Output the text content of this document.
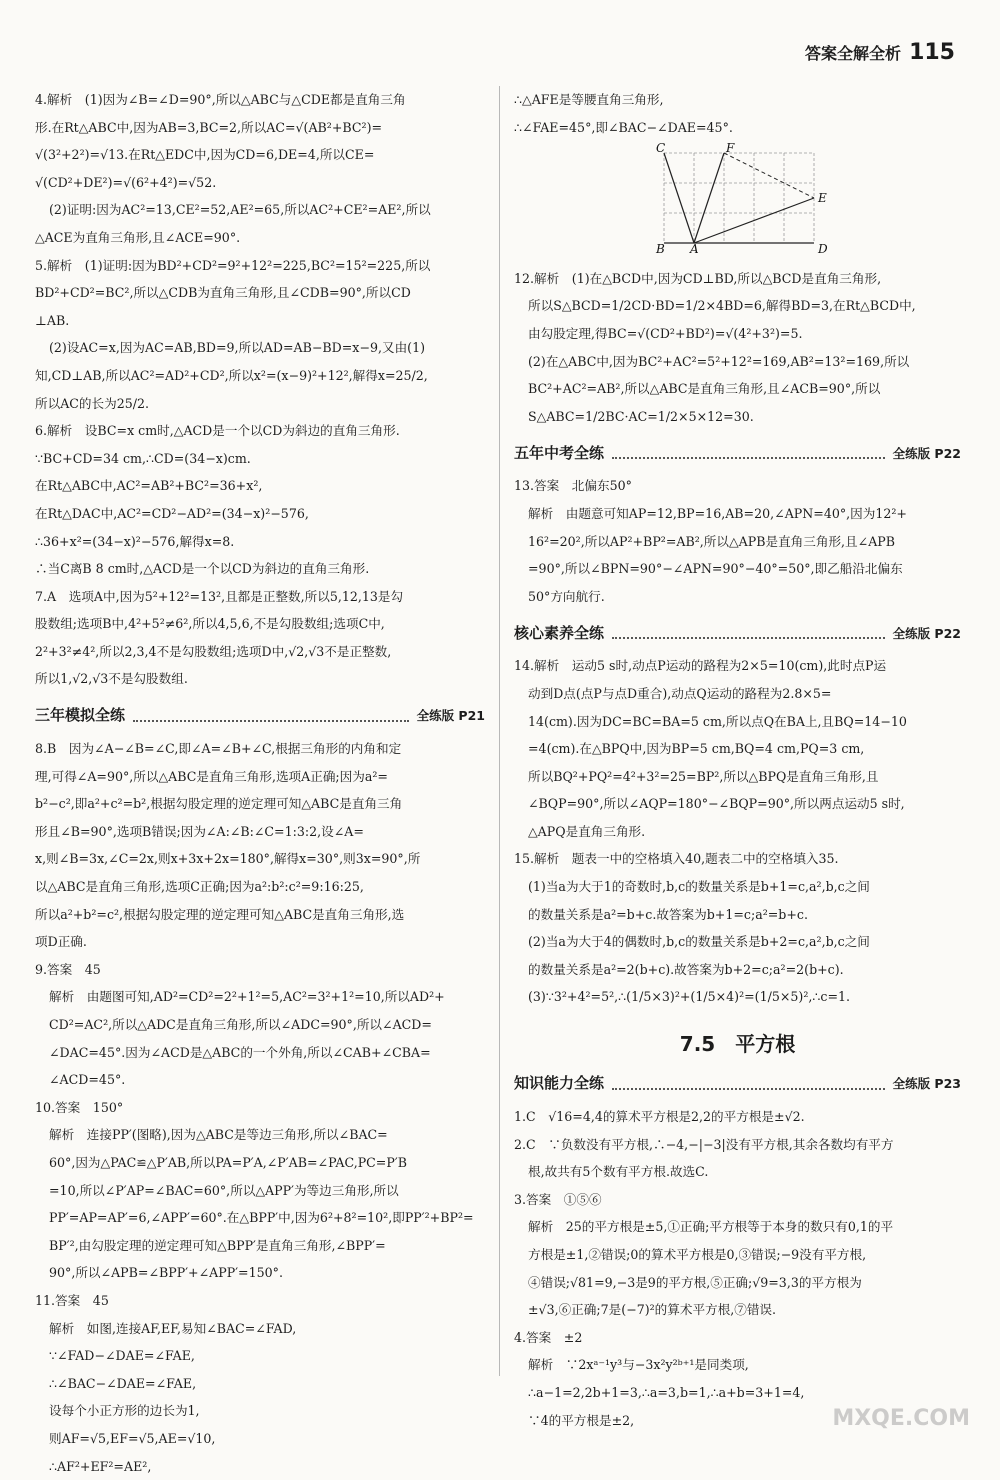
答案全解全析 115
4.解析　(1)因为∠B=∠D=90°,所以△ABC与△CDE都是直角三角
形.在Rt△ABC中,因为AB=3,BC=2,所以AC=√(AB²+BC²)=
√(3²+2²)=√13.在Rt△EDC中,因为CD=6,DE=4,所以CE=
√(CD²+DE²)=√(6²+4²)=√52.
(2)证明:因为AC²=13,CE²=52,AE²=65,所以AC²+CE²=AE²,所以
△ACE为直角三角形,且∠ACE=90°.
5.解析　(1)证明:因为BD²+CD²=9²+12²=225,BC²=15²=225,所以
BD²+CD²=BC²,所以△CDB为直角三角形,且∠CDB=90°,所以CD
⊥AB.
(2)设AC=x,因为AC=AB,BD=9,所以AD=AB−BD=x−9,又由(1)
知,CD⊥AB,所以AC²=AD²+CD²,所以x²=(x−9)²+12²,解得x=25/2,
所以AC的长为25/2.
6.解析　设BC=x cm时,△ACD是一个以CD为斜边的直角三角形.
∵BC+CD=34 cm,∴CD=(34−x)cm.
在Rt△ABC中,AC²=AB²+BC²=36+x²,
在Rt△DAC中,AC²=CD²−AD²=(34−x)²−576,
∴36+x²=(34−x)²−576,解得x=8.
∴当C离B 8 cm时,△ACD是一个以CD为斜边的直角三角形.
7.A　选项A中,因为5²+12²=13²,且都是正整数,所以5,12,13是勾
股数组;选项B中,4²+5²≠6²,所以4,5,6,不是勾股数组;选项C中,
2²+3²≠4²,所以2,3,4不是勾股数组;选项D中,√2,√3不是正整数,
所以1,√2,√3不是勾股数组.
三年模拟全练	全练版 P21
8.B　因为∠A−∠B=∠C,即∠A=∠B+∠C,根据三角形的内角和定
理,可得∠A=90°,所以△ABC是直角三角形,选项A正确;因为a²=
b²−c²,即a²+c²=b²,根据勾股定理的逆定理可知△ABC是直角三角
形且∠B=90°,选项B错误;因为∠A:∠B:∠C=1:3:2,设∠A=
x,则∠B=3x,∠C=2x,则x+3x+2x=180°,解得x=30°,则3x=90°,所
以△ABC是直角三角形,选项C正确;因为a²:b²:c²=9:16:25,
所以a²+b²=c²,根据勾股定理的逆定理可知△ABC是直角三角形,选
项D正确.
9.答案　45
解析　由题图可知,AD²=CD²=2²+1²=5,AC²=3²+1²=10,所以AD²+
CD²=AC²,所以△ADC是直角三角形,所以∠ADC=90°,所以∠ACD=
∠DAC=45°.因为∠ACD是△ABC的一个外角,所以∠CAB+∠CBA=
∠ACD=45°.
10.答案　150°
解析　连接PP′(图略),因为△ABC是等边三角形,所以∠BAC=
60°,因为△PAC≌△P′AB,所以PA=P′A,∠P′AB=∠PAC,PC=P′B
=10,所以∠P′AP=∠BAC=60°,所以△APP′为等边三角形,所以
PP′=AP=AP′=6,∠APP′=60°.在△BPP′中,因为6²+8²=10²,即PP′²+BP²=
BP′²,由勾股定理的逆定理可知△BPP′是直角三角形,∠BPP′=
90°,所以∠APB=∠BPP′+∠APP′=150°.
11.答案　45
解析　如图,连接AF,EF,易知∠BAC=∠FAD,
∵∠FAD−∠DAE=∠FAE,
∴∠BAC−∠DAE=∠FAE,
设每个小正方形的边长为1,
则AF=√5,EF=√5,AE=√10,
∴AF²+EF²=AE²,
∴△AFE是等腰直角三角形,
∴∠FAE=45°,即∠BAC−∠DAE=45°.
C	F
E
B A	D
12.解析　(1)在△BCD中,因为CD⊥BD,所以△BCD是直角三角形,
所以S△BCD=1/2CD·BD=1/2×4BD=6,解得BD=3,在Rt△BCD中,
由勾股定理,得BC=√(CD²+BD²)=√(4²+3²)=5.
(2)在△ABC中,因为BC²+AC²=5²+12²=169,AB²=13²=169,所以
BC²+AC²=AB²,所以△ABC是直角三角形,且∠ACB=90°,所以
S△ABC=1/2BC·AC=1/2×5×12=30.
五年中考全练	全练版 P22
13.答案　北偏东50°
解析　由题意可知AP=12,BP=16,AB=20,∠APN=40°,因为12²+
16²=20²,所以AP²+BP²=AB²,所以△APB是直角三角形,且∠APB
=90°,所以∠BPN=90°−∠APN=90°−40°=50°,即乙船沿北偏东
50°方向航行.
核心素养全练	全练版 P22
14.解析　运动5 s时,动点P运动的路程为2×5=10(cm),此时点P运
动到D点(点P与点D重合),动点Q运动的路程为2.8×5=
14(cm).因为DC=BC=BA=5 cm,所以点Q在BA上,且BQ=14−10
=4(cm).在△BPQ中,因为BP=5 cm,BQ=4 cm,PQ=3 cm,
所以BQ²+PQ²=4²+3²=25=BP²,所以△BPQ是直角三角形,且
∠BQP=90°,所以∠AQP=180°−∠BQP=90°,所以两点运动5 s时,
△APQ是直角三角形.
15.解析　题表一中的空格填入40,题表二中的空格填入35.
(1)当a为大于1的奇数时,b,c的数量关系是b+1=c,a²,b,c之间
的数量关系是a²=b+c.故答案为b+1=c;a²=b+c.
(2)当a为大于4的偶数时,b,c的数量关系是b+2=c,a²,b,c之间
的数量关系是a²=2(b+c).故答案为b+2=c;a²=2(b+c).
(3)∵3²+4²=5²,∴(1/5×3)²+(1/5×4)²=(1/5×5)²,∴c=1.
7.5 平方根
知识能力全练	全练版 P23
1.C　√16=4,4的算术平方根是2,2的平方根是±√2.
2.C　∵负数没有平方根,∴−4,−|−3|没有平方根,其余各数均有平方
根,故共有5个数有平方根.故选C.
3.答案　①⑤⑥
解析　25的平方根是±5,①正确;平方根等于本身的数只有0,1的平
方根是±1,②错误;0的算术平方根是0,③错误;−9没有平方根,
④错误;√81=9,−3是9的平方根,⑤正确;√9=3,3的平方根为
±√3,⑥正确;7是(−7)²的算术平方根,⑦错误.
4.答案　±2
解析　∵2xᵃ⁻¹y³与−3x²y²ᵇ⁺¹是同类项,
∴a−1=2,2b+1=3,∴a=3,b=1,∴a+b=3+1=4,
∵4的平方根是±2,	MXQE.COM
